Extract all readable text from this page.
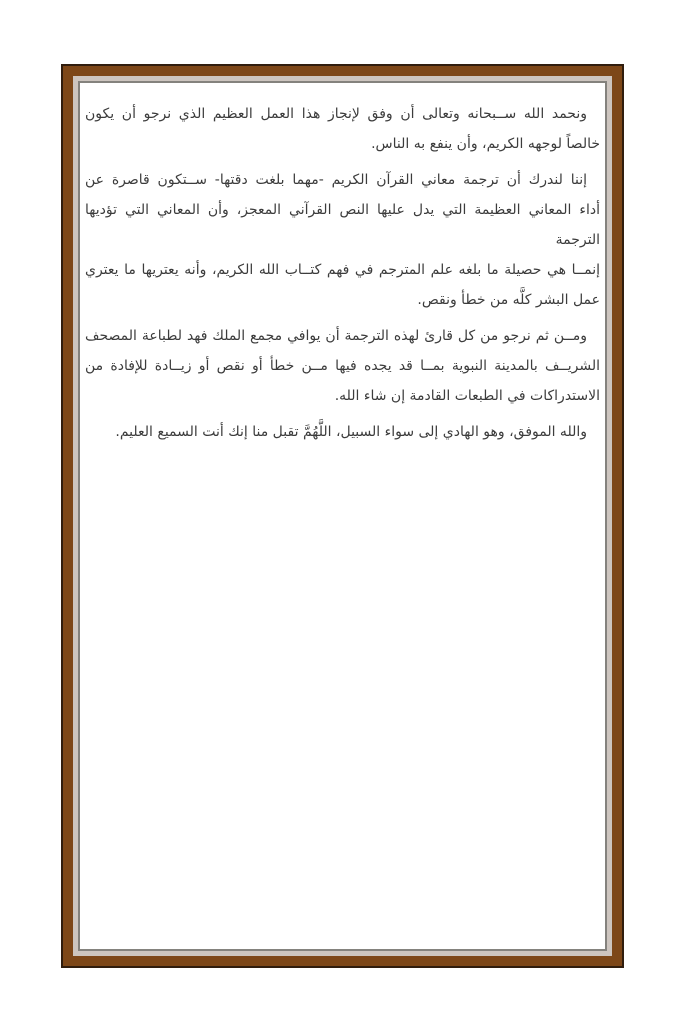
ونحمد الله ســبحانه وتعالى أن وفق لإنجاز هذا العمل العظيم الذي نرجو أن يكون
خالصاً لوجهه الكريم، وأن ينفع به الناس.
إننا لندرك أن ترجمة معاني القرآن الكريم -مهما بلغت دقتها- ســتكون قاصرة عن
أداء المعاني العظيمة التي يدل عليها النص القرآني المعجز، وأن المعاني التي تؤديها الترجمة
إنمــا هي حصيلة ما بلغه علم المترجم في فهم كتــاب الله الكريم، وأنه يعتريها ما يعتري
عمل البشر كلَّه من خطأ ونقص.
ومــن ثم نرجو من كل قارئ لهذه الترجمة أن يوافي مجمع الملك فهد لطباعة المصحف
الشريــف بالمدينة النبوية بمــا قد يجده فيها مــن خطأ أو نقص أو زيــادة للإفادة من
الاستدراكات في الطبعات القادمة إن شاء الله.
والله الموفق، وهو الهادي إلى سواء السبيل، اللَّهُمَّ تقبل منا إنك أنت السميع العليم.
